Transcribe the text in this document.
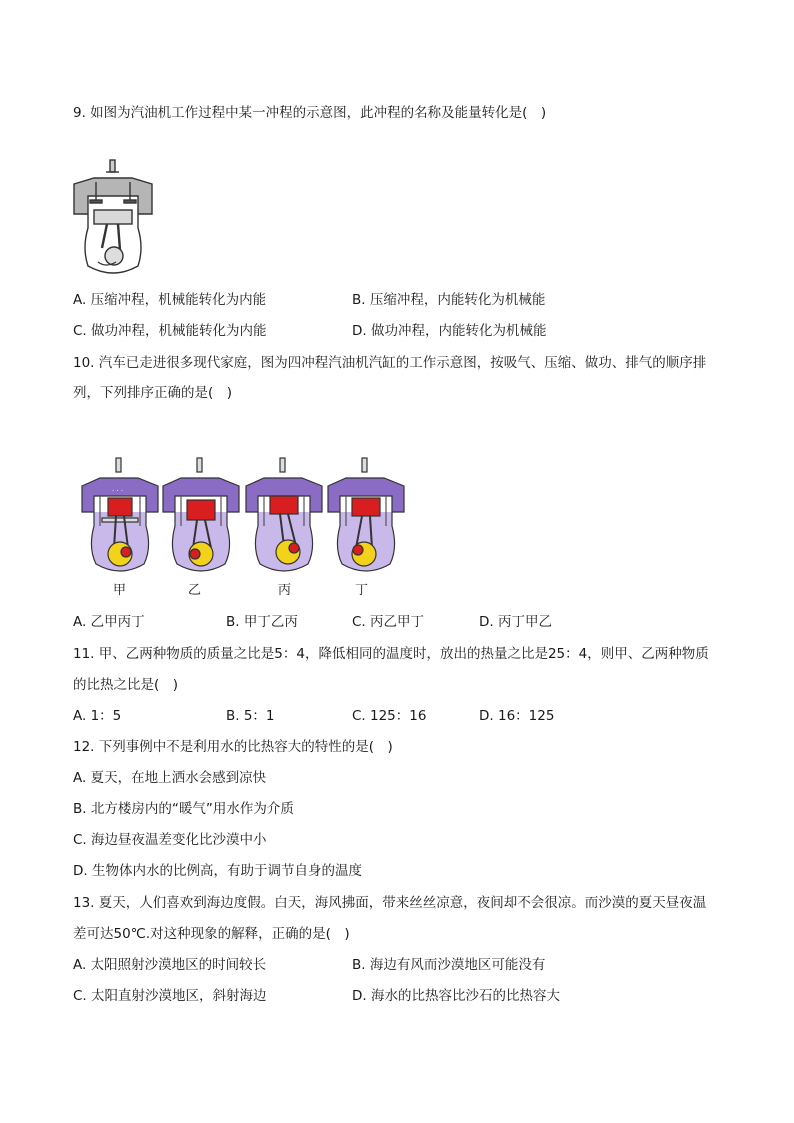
9. 如图为汽油机工作过程中某一冲程的示意图，此冲程的名称及能量转化是(　)
A. 压缩冲程，机械能转化为内能	B. 压缩冲程，内能转化为机械能
C. 做功冲程，机械能转化为内能	D. 做功冲程，内能转化为机械能
10. 汽车已走进很多现代家庭，图为四冲程汽油机汽缸的工作示意图，按吸气、压缩、做功、排气的顺序排
列，下列排序正确的是(　)
· · ·
甲	乙	丙	丁
A. 乙甲丙丁	B. 甲丁乙丙	C. 丙乙甲丁	D. 丙丁甲乙
11. 甲、乙两种物质的质量之比是5：4，降低相同的温度时，放出的热量之比是25：4，则甲、乙两种物质
的比热之比是(　)
A. 1：5	B. 5：1	C. 125：16	D. 16：125
12. 下列事例中不是利用水的比热容大的特性的是(　)
A. 夏天，在地上洒水会感到凉快
B. 北方楼房内的“暖气”用水作为介质
C. 海边昼夜温差变化比沙漠中小
D. 生物体内水的比例高，有助于调节自身的温度
13. 夏天，人们喜欢到海边度假。白天，海风拂面，带来丝丝凉意，夜间却不会很凉。而沙漠的夏天昼夜温
差可达50℃.对这种现象的解释，正确的是(　)
A. 太阳照射沙漠地区的时间较长	B. 海边有风而沙漠地区可能没有
C. 太阳直射沙漠地区，斜射海边	D. 海水的比热容比沙石的比热容大
